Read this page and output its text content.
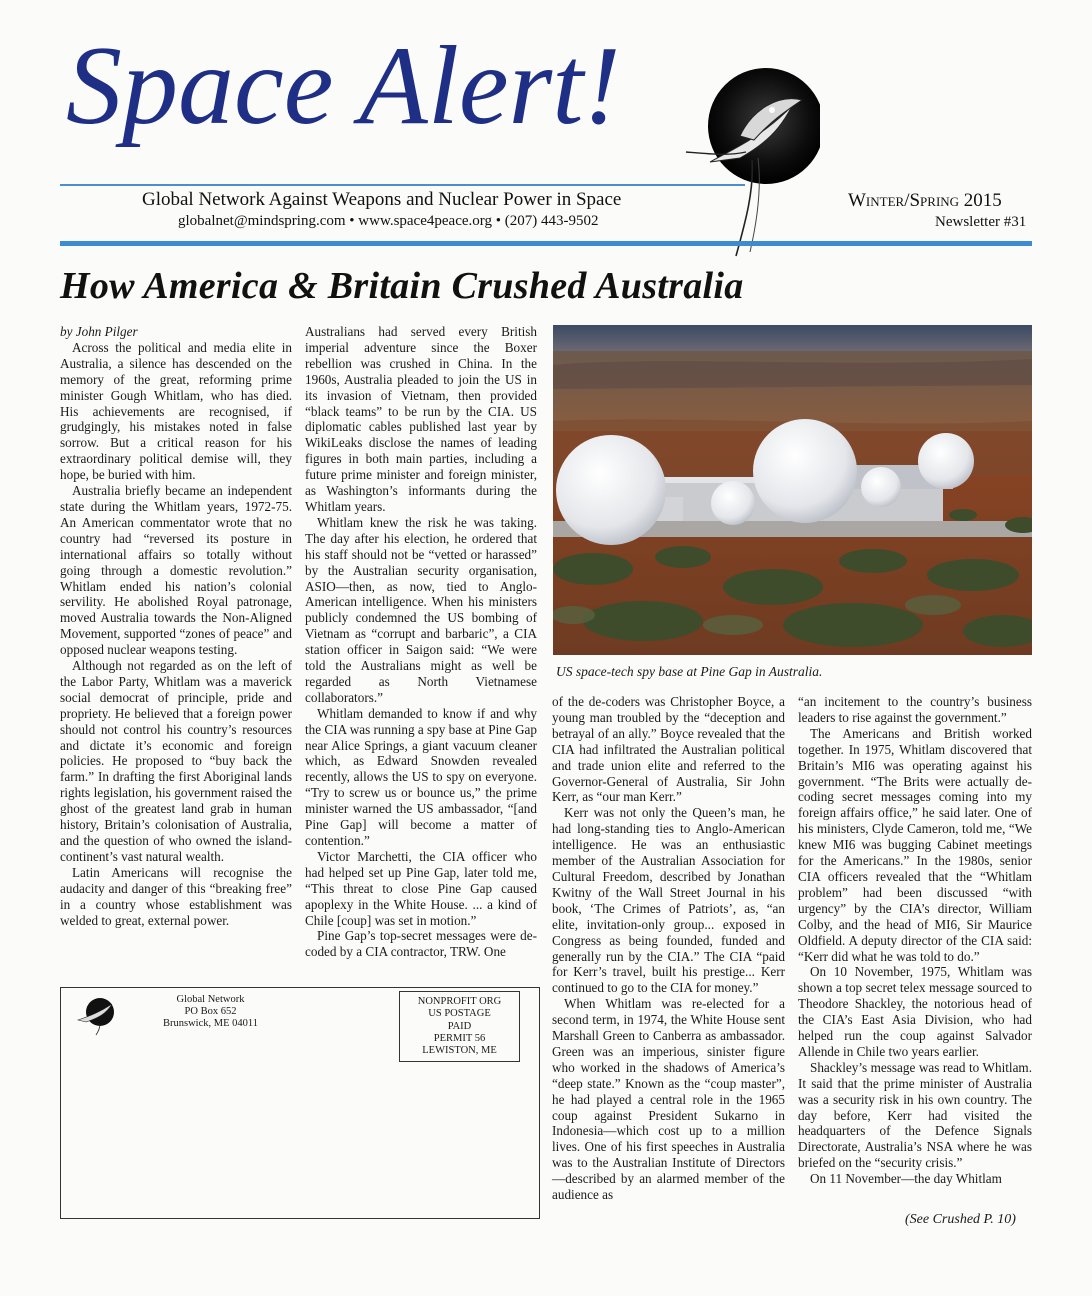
Space Alert!
Global Network Against Weapons and Nuclear Power in Space
globalnet@mindspring.com • www.space4peace.org • (207) 443-9502
Winter/Spring 2015
Newsletter #31
How America & Britain Crushed Australia

by John Pilger

Across the political and media elite in Australia, a silence has descended on the memory of the great, reforming prime minister Gough Whitlam, who has died. His achievements are recognised, if grudgingly, his mistakes noted in false sorrow. But a critical reason for his extraordinary political demise will, they hope, be buried with him.

Australia briefly became an independent state during the Whitlam years, 1972-75. An American commentator wrote that no country had “reversed its posture in international affairs so totally without going through a domestic revolution.” Whitlam ended his nation’s colonial servility. He abolished Royal patronage, moved Australia towards the Non-Aligned Movement, supported “zones of peace” and opposed nuclear weapons testing.

Although not regarded as on the left of the Labor Party, Whitlam was a maverick social democrat of principle, pride and propriety. He believed that a foreign power should not control his country’s resources and dictate it’s economic and foreign policies. He proposed to “buy back the farm.” In drafting the first Aboriginal lands rights legislation, his government raised the ghost of the greatest land grab in human history, Britain’s colonisation of Australia, and the question of who owned the island-continent’s vast natural wealth.

Latin Americans will recognise the audacity and danger of this “breaking free” in a country whose establishment was welded to great, external power.

Australians had served every British imperial adventure since the Boxer rebellion was crushed in China. In the 1960s, Australia pleaded to join the US in its invasion of Vietnam, then provided “black teams” to be run by the CIA. US diplomatic cables published last year by WikiLeaks disclose the names of leading figures in both main parties, including a future prime minister and foreign minister, as Washington’s informants during the Whitlam years.

Whitlam knew the risk he was taking. The day after his election, he ordered that his staff should not be “vetted or harassed” by the Australian security organisation, ASIO—then, as now, tied to Anglo-American intelligence. When his ministers publicly condemned the US bombing of Vietnam as “corrupt and barbaric”, a CIA station officer in Saigon said: “We were told the Australians might as well be regarded as North Vietnamese collaborators.”

Whitlam demanded to know if and why the CIA was running a spy base at Pine Gap near Alice Springs, a giant vacuum cleaner which, as Edward Snowden revealed recently, allows the US to spy on everyone. “Try to screw us or bounce us,” the prime minister warned the US ambassador, “[and Pine Gap] will become a matter of contention.”

Victor Marchetti, the CIA officer who had helped set up Pine Gap, later told me, “This threat to close Pine Gap caused apoplexy in the White House. ... a kind of Chile [coup] was set in motion.”

Pine Gap’s top-secret messages were de-coded by a CIA contractor, TRW. One

US space-tech spy base at Pine Gap in Australia.

of the de-coders was Christopher Boyce, a young man troubled by the “deception and betrayal of an ally.” Boyce revealed that the CIA had infiltrated the Australian political and trade union elite and referred to the Governor-General of Australia, Sir John Kerr, as “our man Kerr.”

Kerr was not only the Queen’s man, he had long-standing ties to Anglo-American intelligence. He was an enthusiastic member of the Australian Association for Cultural Freedom, described by Jonathan Kwitny of the Wall Street Journal in his book, ‘The Crimes of Patriots’, as, “an elite, invitation-only group... exposed in Congress as being founded, funded and generally run by the CIA.” The CIA “paid for Kerr’s travel, built his prestige... Kerr continued to go to the CIA for money.”

When Whitlam was re-elected for a second term, in 1974, the White House sent Marshall Green to Canberra as ambassador. Green was an imperious, sinister figure who worked in the shadows of America’s “deep state.” Known as the “coup master”, he had played a central role in the 1965 coup against President Sukarno in Indonesia—which cost up to a million lives. One of his first speeches in Australia was to the Australian Institute of Directors—described by an alarmed member of the audience as

“an incitement to the country’s business leaders to rise against the government.”

The Americans and British worked together. In 1975, Whitlam discovered that Britain’s MI6 was operating against his government. “The Brits were actually de-coding secret messages coming into my foreign affairs office,” he said later. One of his ministers, Clyde Cameron, told me, “We knew MI6 was bugging Cabinet meetings for the Americans.” In the 1980s, senior CIA officers revealed that the “Whitlam problem” had been discussed “with urgency” by the CIA’s director, William Colby, and the head of MI6, Sir Maurice Oldfield. A deputy director of the CIA said: “Kerr did what he was told to do.”

On 10 November, 1975, Whitlam was shown a top secret telex message sourced to Theodore Shackley, the notorious head of the CIA’s East Asia Division, who had helped run the coup against Salvador Allende in Chile two years earlier.

Shackley’s message was read to Whitlam. It said that the prime minister of Australia was a security risk in his own country. The day before, Kerr had visited the headquarters of the Defence Signals Directorate, Australia’s NSA where he was briefed on the “security crisis.”

On 11 November—the day Whitlam

Global Network
PO Box 652
Brunswick, ME 04011
NONPROFIT ORG
US POSTAGE
PAID
PERMIT 56
LEWISTON, ME
(See Crushed P. 10)
